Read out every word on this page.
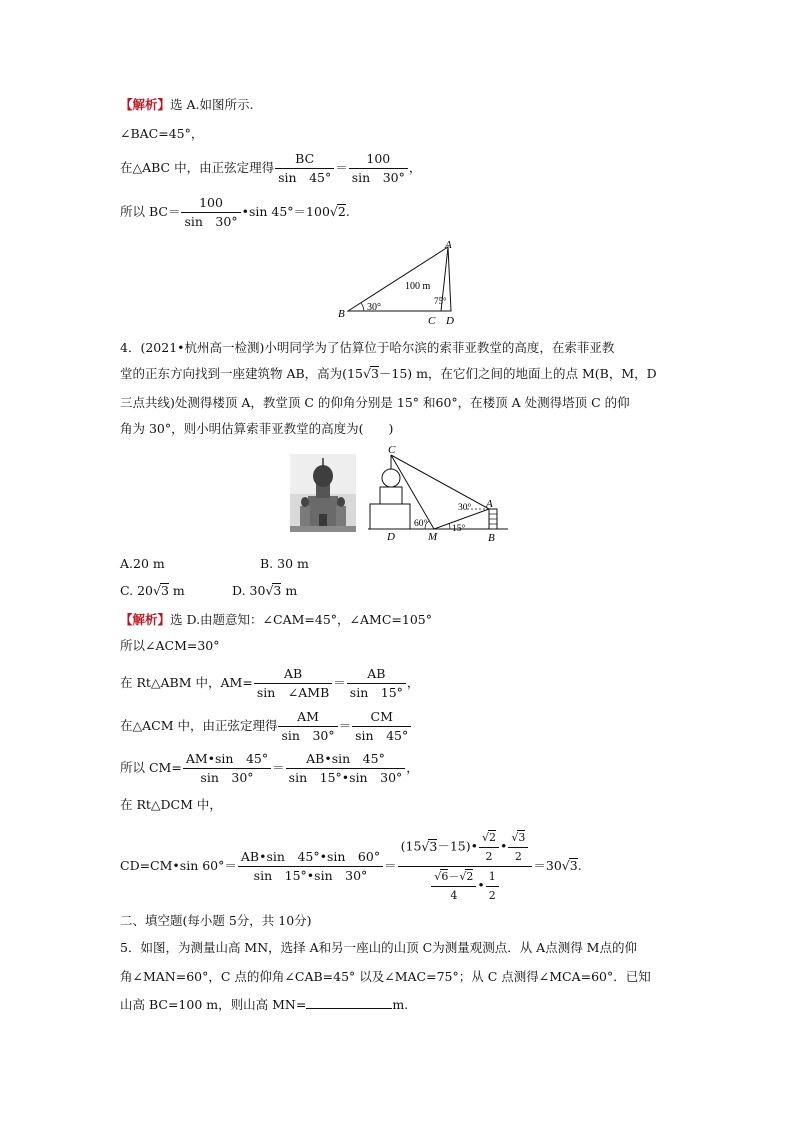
【解析】选 A.如图所示.
∠BAC=45°，
在△ABC 中，由正弦定理得 $\frac{BC}{\sin 45^\circ} = \frac{100}{\sin 30^\circ}$ ，
所以 $BC= \frac{100}{\sin 30^\circ}$ •sin 45°＝100√2.
A
B
C D
100 m
30°
75°
4．(2021•杭州高一检测)小明同学为了估算位于哈尔滨的索菲亚教堂的高度，在索菲亚教
堂的正东方向找到一座建筑物 AB，高为(15√3－15) m，在它们之间的地面上的点 M(B，M，D
三点共线)处测得楼顶 A，教堂顶 C 的仰角分别是 15° 和60°，在楼顶 A 处测得塔顶 C 的仰
角为 30°，则小明估算索菲亚教堂的高度为(　　)
C
A
D	M	B
60°	15°
30°
A.20 m	B. 30 m
C. 20√3 m	D. 30√3 m
【解析】选 D.由题意知：∠CAM=45°，∠AMC=105°
所以∠ACM=30°
在 Rt△ABM 中，$AM= \frac{AB}{\text{sin　∠AMB}} = \frac{AB}{\sin 15^\circ}$ ，
在△ACM 中，由正弦定理得 $\frac{AM}{\sin 30^\circ} = \frac{CM}{\sin 45^\circ}$
所以 $CM= \frac{AM•\sin 45^\circ}{\sin 30^\circ} = \frac{AB•\sin 45^\circ}{\sin 15^\circ•\sin 30^\circ}$ ，
在 Rt△DCM 中，
CD=CM•sin $60^\circ= \frac{AB•\sin 45^\circ•\sin 60^\circ}{\sin 15^\circ•\sin 30^\circ} = \frac{(15√3-15)• \frac{√2}{2} • \frac{√3}{2}}{\frac{√6-√2}{4} • \frac{1}{2}} =30√3$.
二、填空题(每小题 5分，共 10分)
5．如图，为测量山高 MN，选择 A和另一座山的山顶 C为测量观测点．从 A点测得 M点的仰
角∠MAN=60°，C 点的仰角∠CAB=45° 以及∠MAC=75°；从 C 点测得∠MCA=60°．已知
山高 BC=100 m，则山高 MN=	m.
